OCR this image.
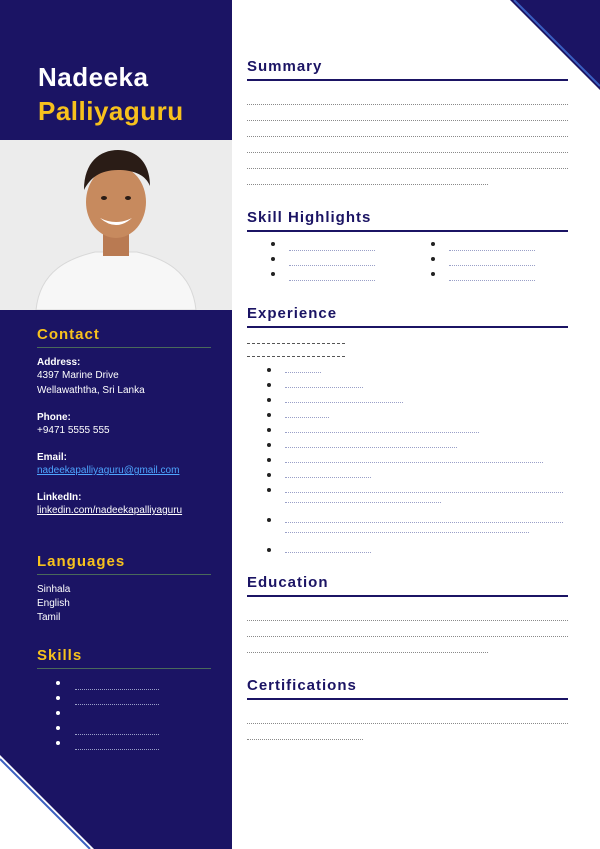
Nadeeka
Palliyaguru
Contact
Address:
4397 Marine Drive
Wellawaththa, Sri Lanka
Phone:
+9471 5555 555
Email:
nadeekapalliyaguru@gmail.com
LinkedIn:
linkedin.com/nadeekapalliyaguru
Languages
Sinhala
English
Tamil
Skills
Summary
Skill Highlights
Experience
Education
Certifications
